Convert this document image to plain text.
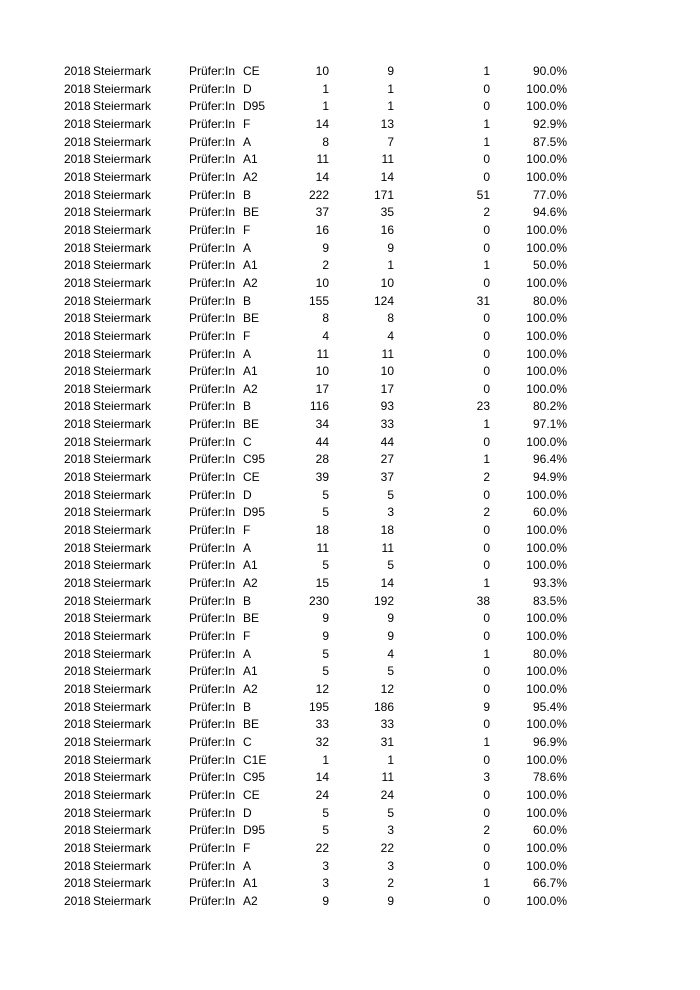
2018 Steiermark	Prüfer:In CE	10	9	1	90.0%
2018 Steiermark	Prüfer:In D	1	1	0	100.0%
2018 Steiermark	Prüfer:In D95	1	1	0	100.0%
2018 Steiermark	Prüfer:In F	14	13	1	92.9%
2018 Steiermark	Prüfer:In A	8	7	1	87.5%
2018 Steiermark	Prüfer:In A1	11	11	0	100.0%
2018 Steiermark	Prüfer:In A2	14	14	0	100.0%
2018 Steiermark	Prüfer:In B	222	171	51	77.0%
2018 Steiermark	Prüfer:In BE	37	35	2	94.6%
2018 Steiermark	Prüfer:In F	16	16	0	100.0%
2018 Steiermark	Prüfer:In A	9	9	0	100.0%
2018 Steiermark	Prüfer:In A1	2	1	1	50.0%
2018 Steiermark	Prüfer:In A2	10	10	0	100.0%
2018 Steiermark	Prüfer:In B	155	124	31	80.0%
2018 Steiermark	Prüfer:In BE	8	8	0	100.0%
2018 Steiermark	Prüfer:In F	4	4	0	100.0%
2018 Steiermark	Prüfer:In A	11	11	0	100.0%
2018 Steiermark	Prüfer:In A1	10	10	0	100.0%
2018 Steiermark	Prüfer:In A2	17	17	0	100.0%
2018 Steiermark	Prüfer:In B	116	93	23	80.2%
2018 Steiermark	Prüfer:In BE	34	33	1	97.1%
2018 Steiermark	Prüfer:In C	44	44	0	100.0%
2018 Steiermark	Prüfer:In C95	28	27	1	96.4%
2018 Steiermark	Prüfer:In CE	39	37	2	94.9%
2018 Steiermark	Prüfer:In D	5	5	0	100.0%
2018 Steiermark	Prüfer:In D95	5	3	2	60.0%
2018 Steiermark	Prüfer:In F	18	18	0	100.0%
2018 Steiermark	Prüfer:In A	11	11	0	100.0%
2018 Steiermark	Prüfer:In A1	5	5	0	100.0%
2018 Steiermark	Prüfer:In A2	15	14	1	93.3%
2018 Steiermark	Prüfer:In B	230	192	38	83.5%
2018 Steiermark	Prüfer:In BE	9	9	0	100.0%
2018 Steiermark	Prüfer:In F	9	9	0	100.0%
2018 Steiermark	Prüfer:In A	5	4	1	80.0%
2018 Steiermark	Prüfer:In A1	5	5	0	100.0%
2018 Steiermark	Prüfer:In A2	12	12	0	100.0%
2018 Steiermark	Prüfer:In B	195	186	9	95.4%
2018 Steiermark	Prüfer:In BE	33	33	0	100.0%
2018 Steiermark	Prüfer:In C	32	31	1	96.9%
2018 Steiermark	Prüfer:In C1E	1	1	0	100.0%
2018 Steiermark	Prüfer:In C95	14	11	3	78.6%
2018 Steiermark	Prüfer:In CE	24	24	0	100.0%
2018 Steiermark	Prüfer:In D	5	5	0	100.0%
2018 Steiermark	Prüfer:In D95	5	3	2	60.0%
2018 Steiermark	Prüfer:In F	22	22	0	100.0%
2018 Steiermark	Prüfer:In A	3	3	0	100.0%
2018 Steiermark	Prüfer:In A1	3	2	1	66.7%
2018 Steiermark	Prüfer:In A2	9	9	0	100.0%
